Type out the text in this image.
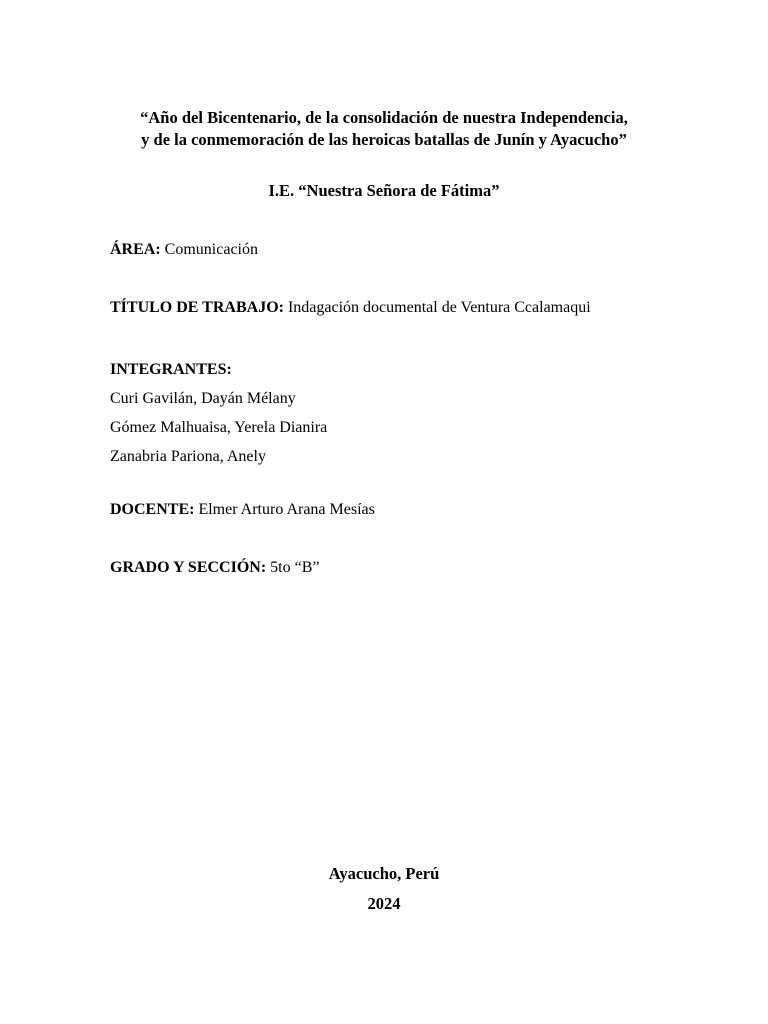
“Año del Bicentenario, de la consolidación de nuestra Independencia,
y de la conmemoración de las heroicas batallas de Junín y Ayacucho”
I.E. “Nuestra Señora de Fátima”
ÁREA: Comunicación
TÍTULO DE TRABAJO: Indagación documental de Ventura Ccalamaqui
INTEGRANTES:
Curi Gavilán, Dayán Mélany
Gómez Malhuaisa, Yerela Dianira
Zanabria Pariona, Anely
DOCENTE: Elmer Arturo Arana Mesías
GRADO Y SECCIÓN: 5to “B”
Ayacucho, Perú
2024
